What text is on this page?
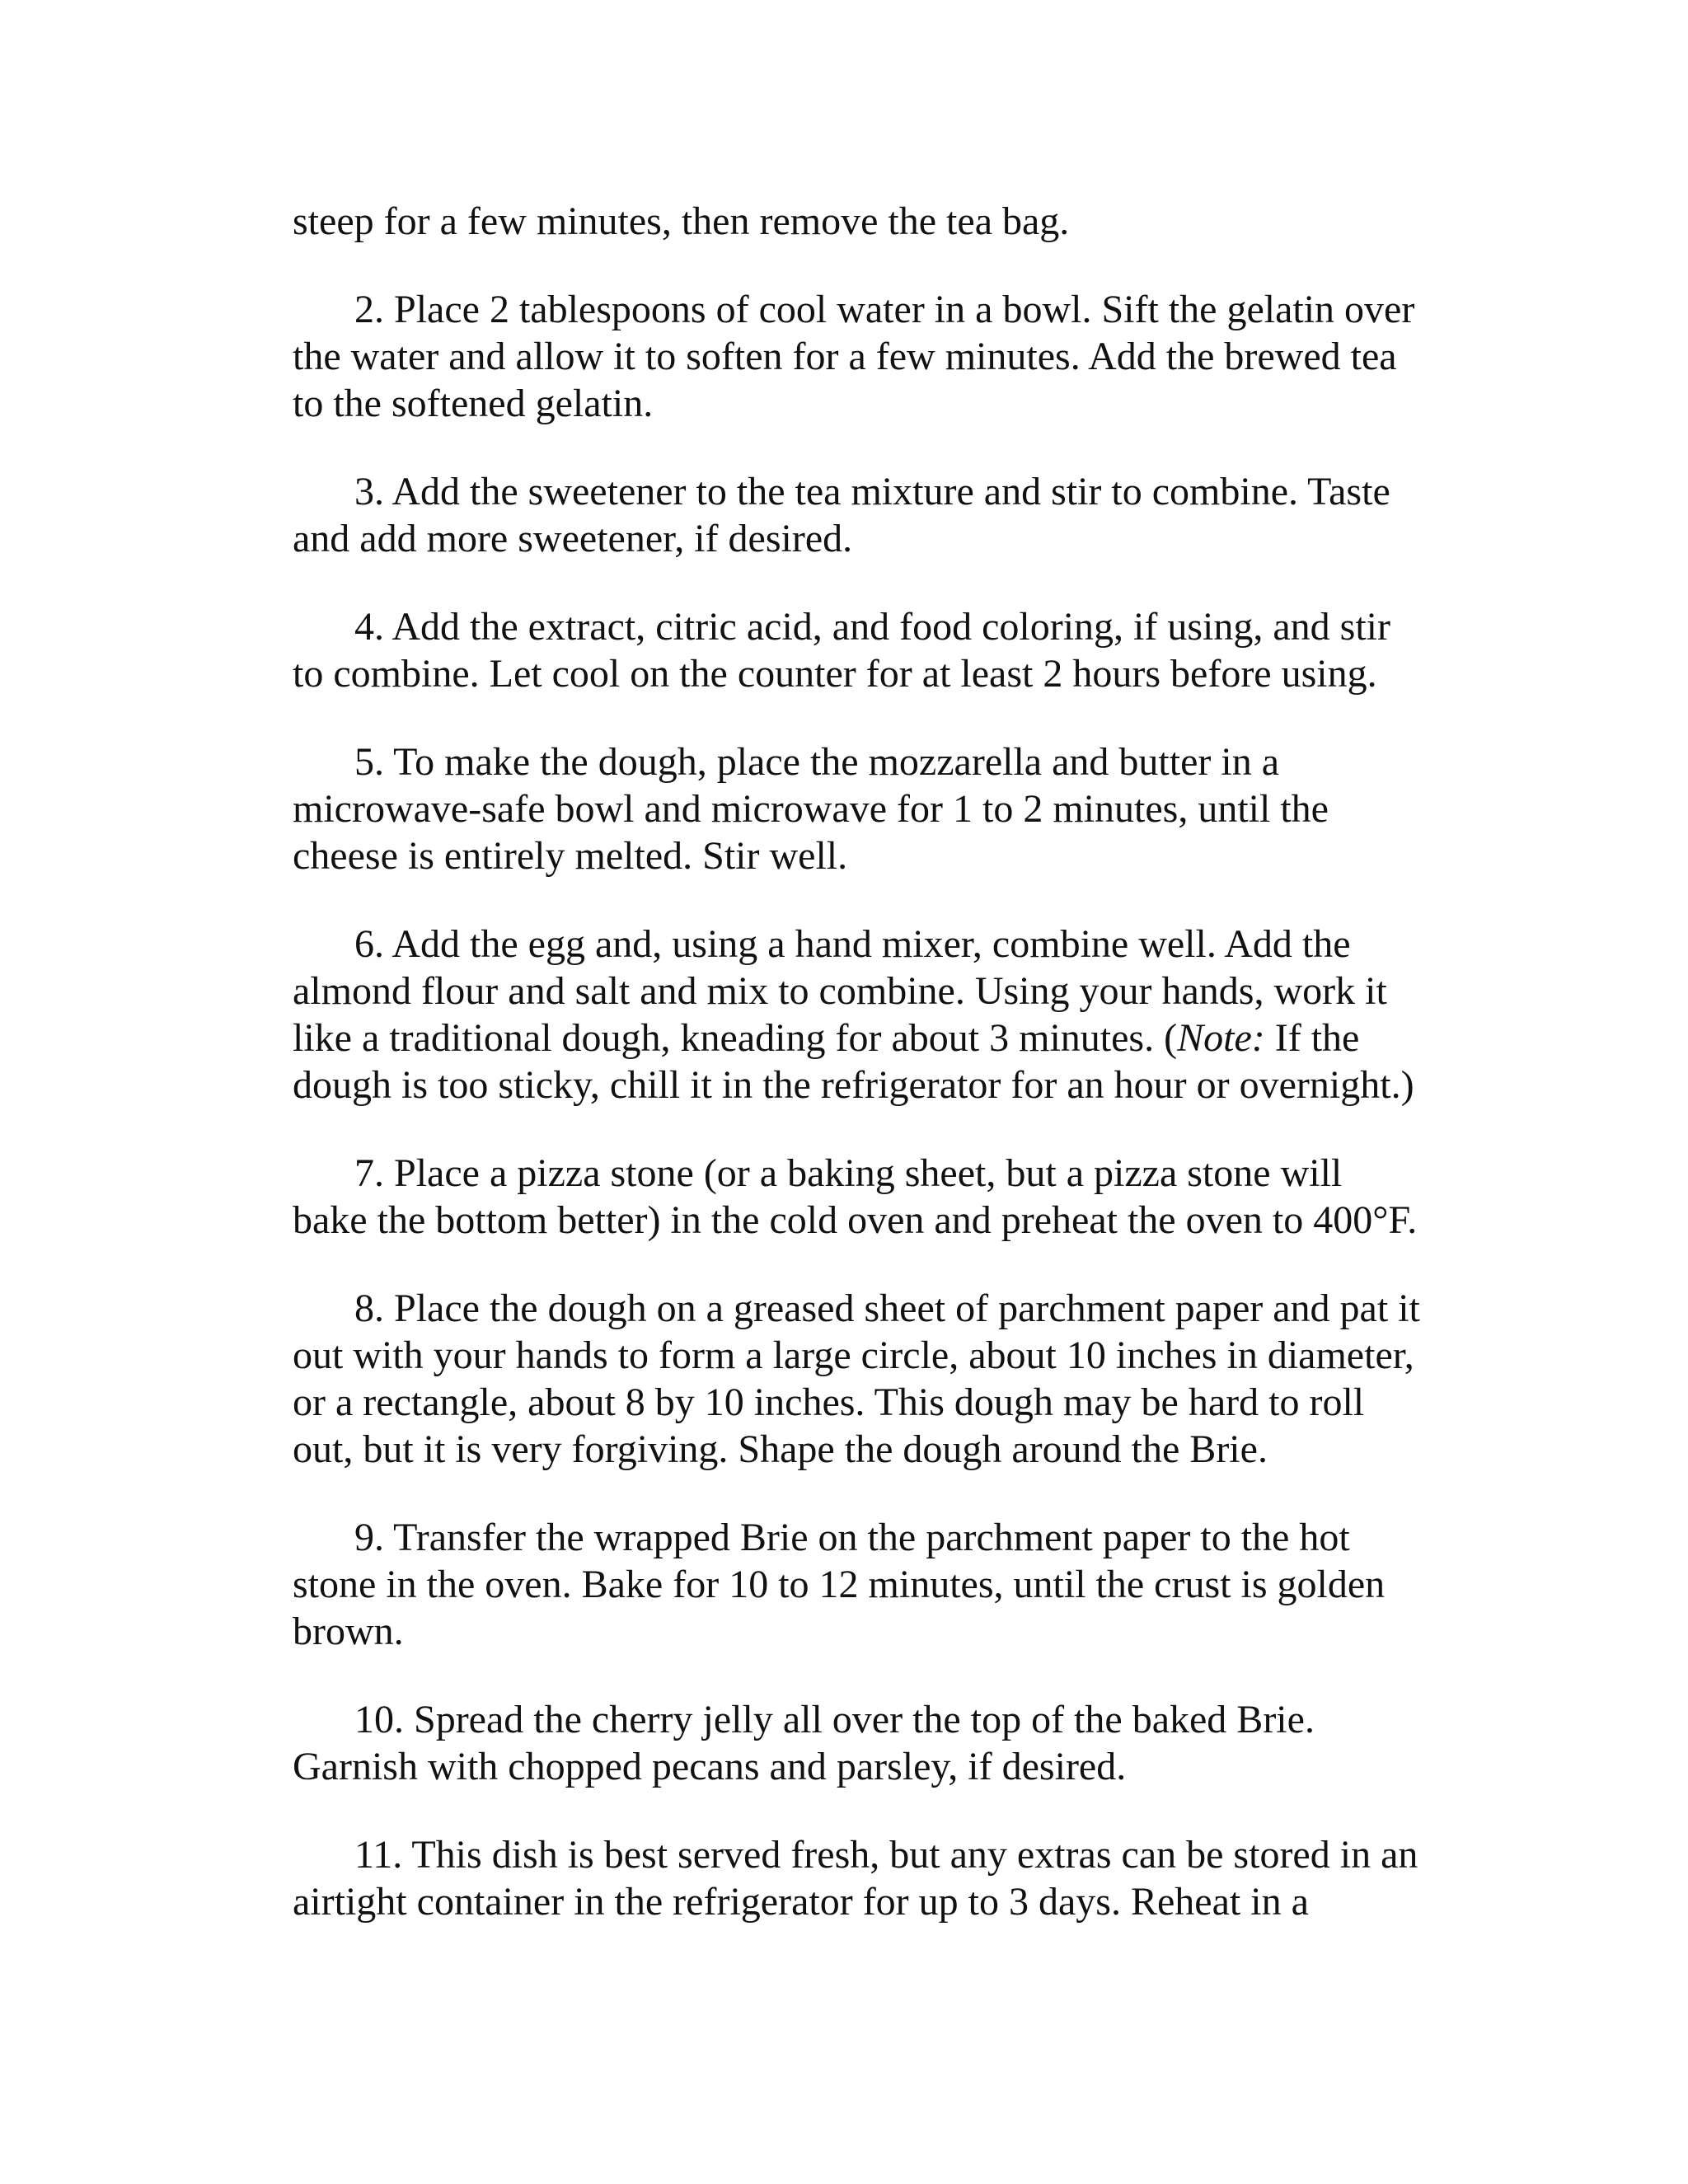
steep for a few minutes, then remove the tea bag.

2. Place 2 tablespoons of cool water in a bowl. Sift the gelatin over
the water and allow it to soften for a few minutes. Add the brewed tea
to the softened gelatin.

3. Add the sweetener to the tea mixture and stir to combine. Taste
and add more sweetener, if desired.

4. Add the extract, citric acid, and food coloring, if using, and stir
to combine. Let cool on the counter for at least 2 hours before using.

5. To make the dough, place the mozzarella and butter in a
microwave-safe bowl and microwave for 1 to 2 minutes, until the
cheese is entirely melted. Stir well.

6. Add the egg and, using a hand mixer, combine well. Add the
almond flour and salt and mix to combine. Using your hands, work it
like a traditional dough, kneading for about 3 minutes. (Note: If the
dough is too sticky, chill it in the refrigerator for an hour or overnight.)

7. Place a pizza stone (or a baking sheet, but a pizza stone will
bake the bottom better) in the cold oven and preheat the oven to 400°F.

8. Place the dough on a greased sheet of parchment paper and pat it
out with your hands to form a large circle, about 10 inches in diameter,
or a rectangle, about 8 by 10 inches. This dough may be hard to roll
out, but it is very forgiving. Shape the dough around the Brie.

9. Transfer the wrapped Brie on the parchment paper to the hot
stone in the oven. Bake for 10 to 12 minutes, until the crust is golden
brown.

10. Spread the cherry jelly all over the top of the baked Brie.
Garnish with chopped pecans and parsley, if desired.

11. This dish is best served fresh, but any extras can be stored in an
airtight container in the refrigerator for up to 3 days. Reheat in a
